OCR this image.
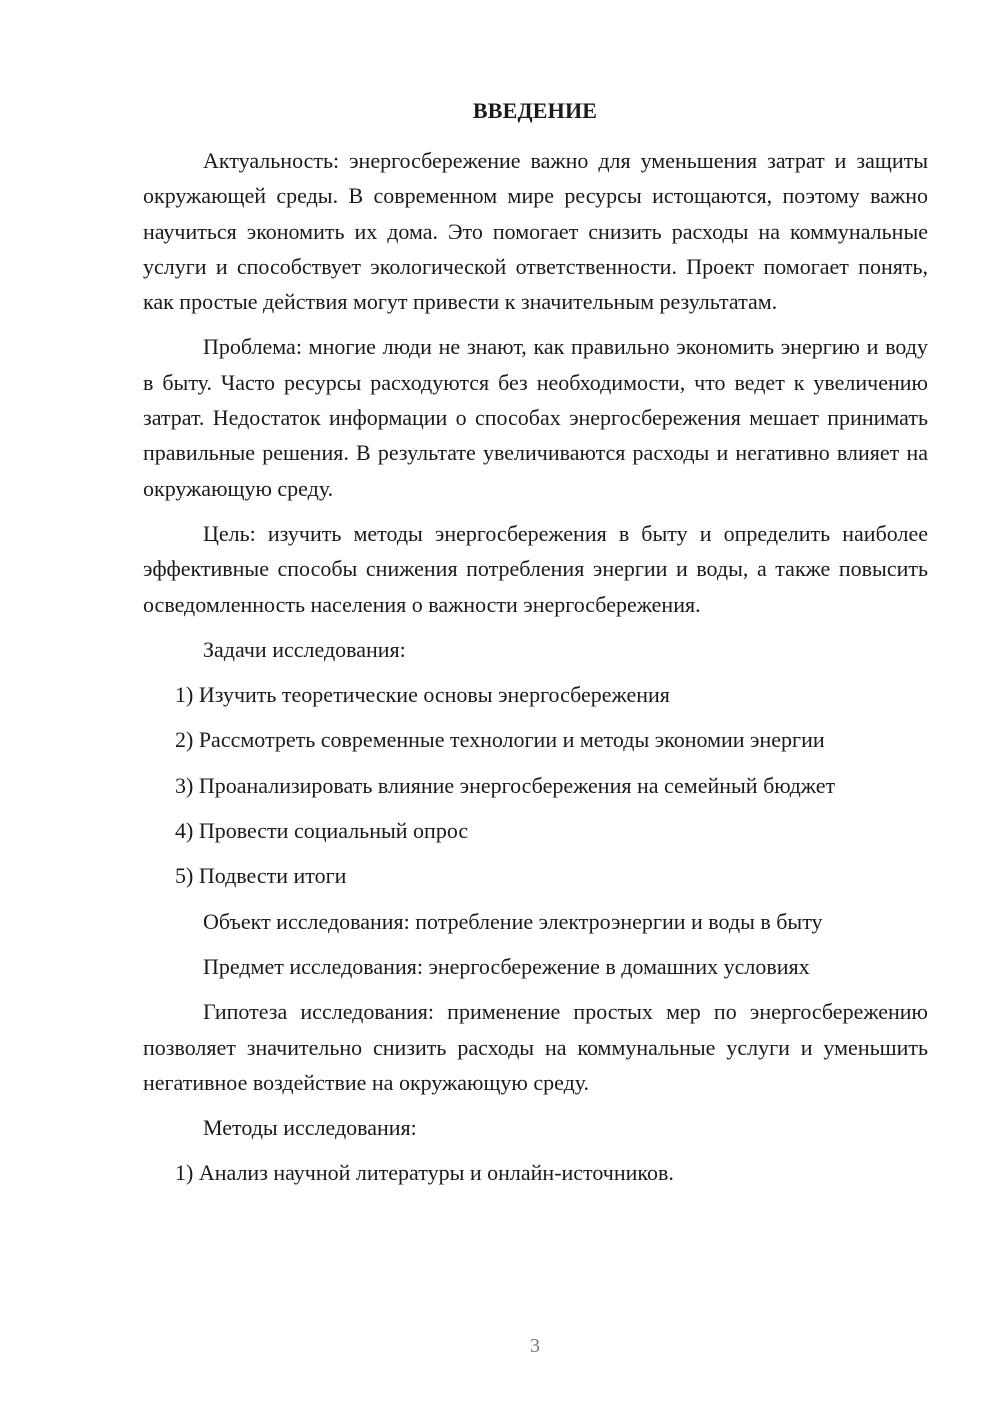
ВВЕДЕНИЕ

Актуальность: энергосбережение важно для уменьшения затрат и защиты окружающей среды. В современном мире ресурсы истощаются, поэтому важно научиться экономить их дома. Это помогает снизить расходы на коммунальные услуги и способствует экологической ответственности. Проект помогает понять, как простые действия могут привести к значительным результатам.

Проблема: многие люди не знают, как правильно экономить энергию и воду в быту. Часто ресурсы расходуются без необходимости, что ведет к увеличению затрат. Недостаток информации о способах энергосбережения мешает принимать правильные решения. В результате увеличиваются расходы и негативно влияет на окружающую среду.

Цель: изучить методы энергосбережения в быту и определить наиболее эффективные способы снижения потребления энергии и воды, а также повысить осведомленность населения о важности энергосбережения.

Задачи исследования:

1) Изучить теоретические основы энергосбережения

2) Рассмотреть современные технологии и методы экономии энергии

3) Проанализировать влияние энергосбережения на семейный бюджет

4) Провести социальный опрос

5) Подвести итоги

Объект исследования: потребление электроэнергии и воды в быту

Предмет исследования: энергосбережение в домашних условиях

Гипотеза исследования: применение простых мер по энергосбережению позволяет значительно снизить расходы на коммунальные услуги и уменьшить негативное воздействие на окружающую среду.

Методы исследования:

1) Анализ научной литературы и онлайн-источников.

3
